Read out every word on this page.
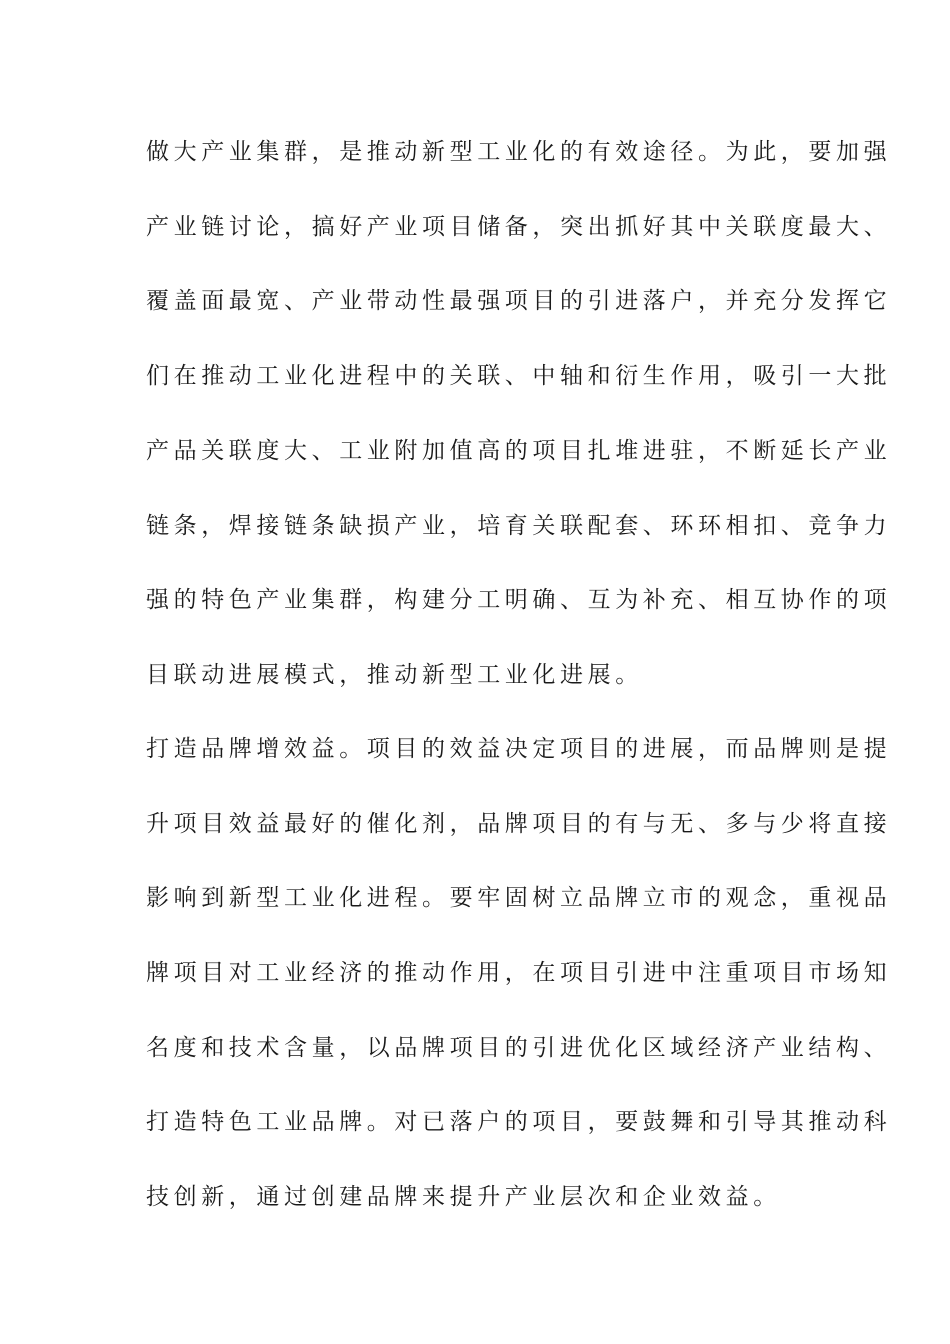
做大产业集群，是推动新型工业化的有效途径。为此，要加强

产业链讨论，搞好产业项目储备，突出抓好其中关联度最大、

覆盖面最宽、产业带动性最强项目的引进落户，并充分发挥它

们在推动工业化进程中的关联、中轴和衍生作用，吸引一大批

产品关联度大、工业附加值高的项目扎堆进驻，不断延长产业

链条，焊接链条缺损产业，培育关联配套、环环相扣、竞争力

强的特色产业集群，构建分工明确、互为补充、相互协作的项

目联动进展模式，推动新型工业化进展。

打造品牌增效益。项目的效益决定项目的进展，而品牌则是提

升项目效益最好的催化剂，品牌项目的有与无、多与少将直接

影响到新型工业化进程。要牢固树立品牌立市的观念，重视品

牌项目对工业经济的推动作用，在项目引进中注重项目市场知

名度和技术含量，以品牌项目的引进优化区域经济产业结构、

打造特色工业品牌。对已落户的项目，要鼓舞和引导其推动科

技创新，通过创建品牌来提升产业层次和企业效益。
